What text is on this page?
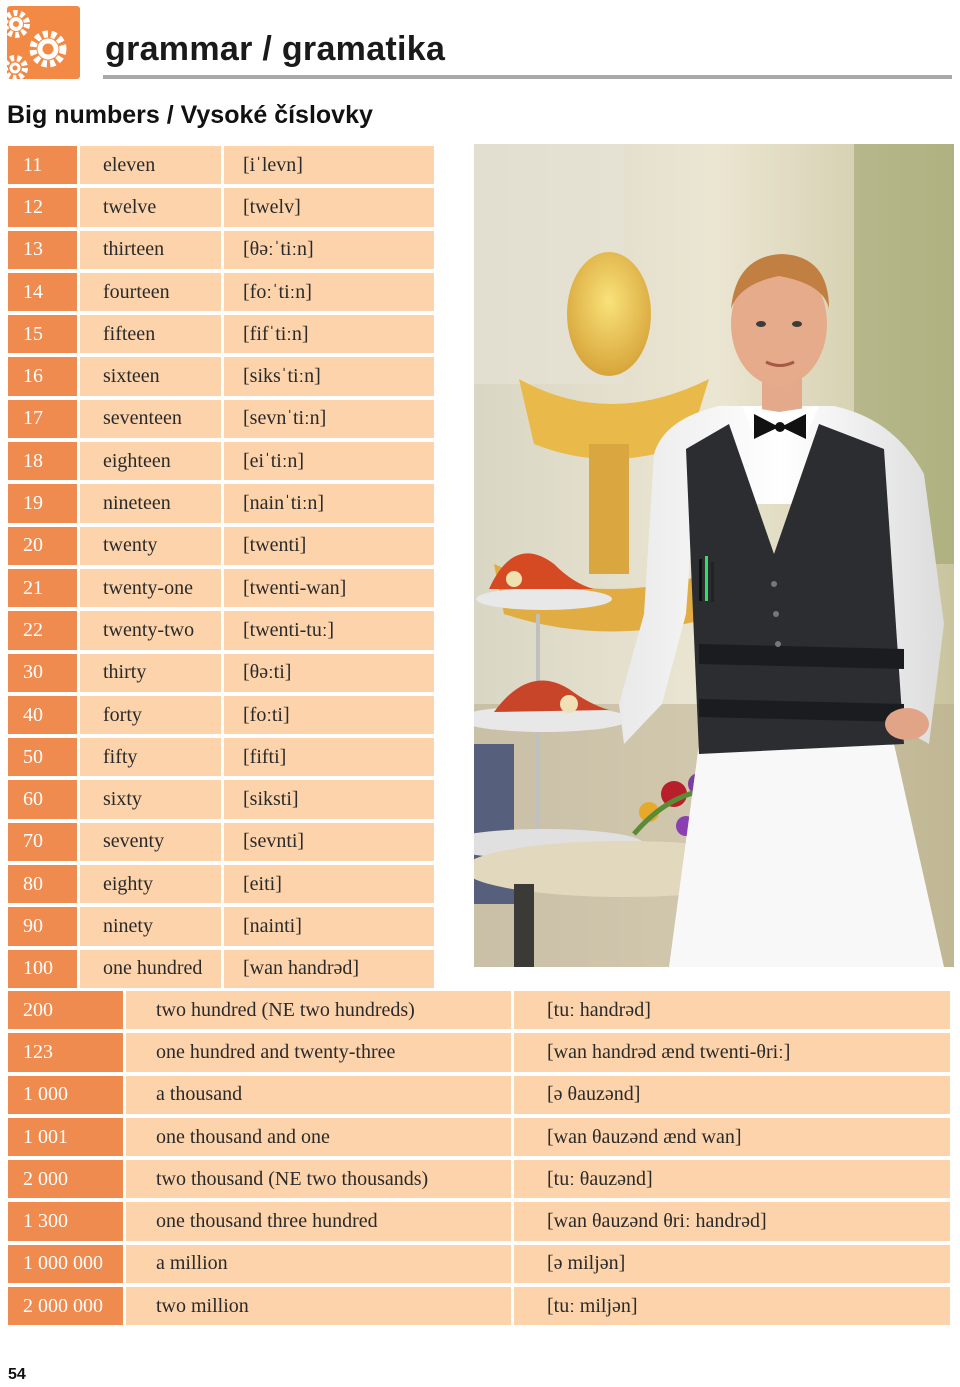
grammar / gramatika
Big numbers / Vysoké číslovky
11	eleven	[iˈlevn]
12	twelve	[twelv]
13	thirteen	[θəːˈtiːn]
14	fourteen	[foːˈtiːn]
15	fifteen	[fifˈtiːn]
16	sixteen	[siksˈtiːn]
17	seventeen	[sevnˈtiːn]
18	eighteen	[eiˈtiːn]
19	nineteen	[nainˈtiːn]
20	twenty	[twenti]
21	twenty-one	[twenti-wan]
22	twenty-two	[twenti-tuː]
30	thirty	[θəːti]
40	forty	[foːti]
50	fifty	[fifti]
60	sixty	[siksti]
70	seventy	[sevnti]
80	eighty	[eiti]
90	ninety	[nainti]
100	one hundred	[wan handrəd]
200	two hundred (NE two hundreds)	[tuː handrəd]
123	one hundred and twenty-three	[wan handrəd ænd twenti-θriː]
1 000	a thousand	[ə θauzənd]
1 001	one thousand and one	[wan θauzənd ænd wan]
2 000	two thousand (NE two thousands)	[tuː θauzənd]
1 300	one thousand three hundred	[wan θauzənd θriː handrəd]
1 000 000	a million	[ə miljən]
2 000 000	two million	[tuː miljən]
54
